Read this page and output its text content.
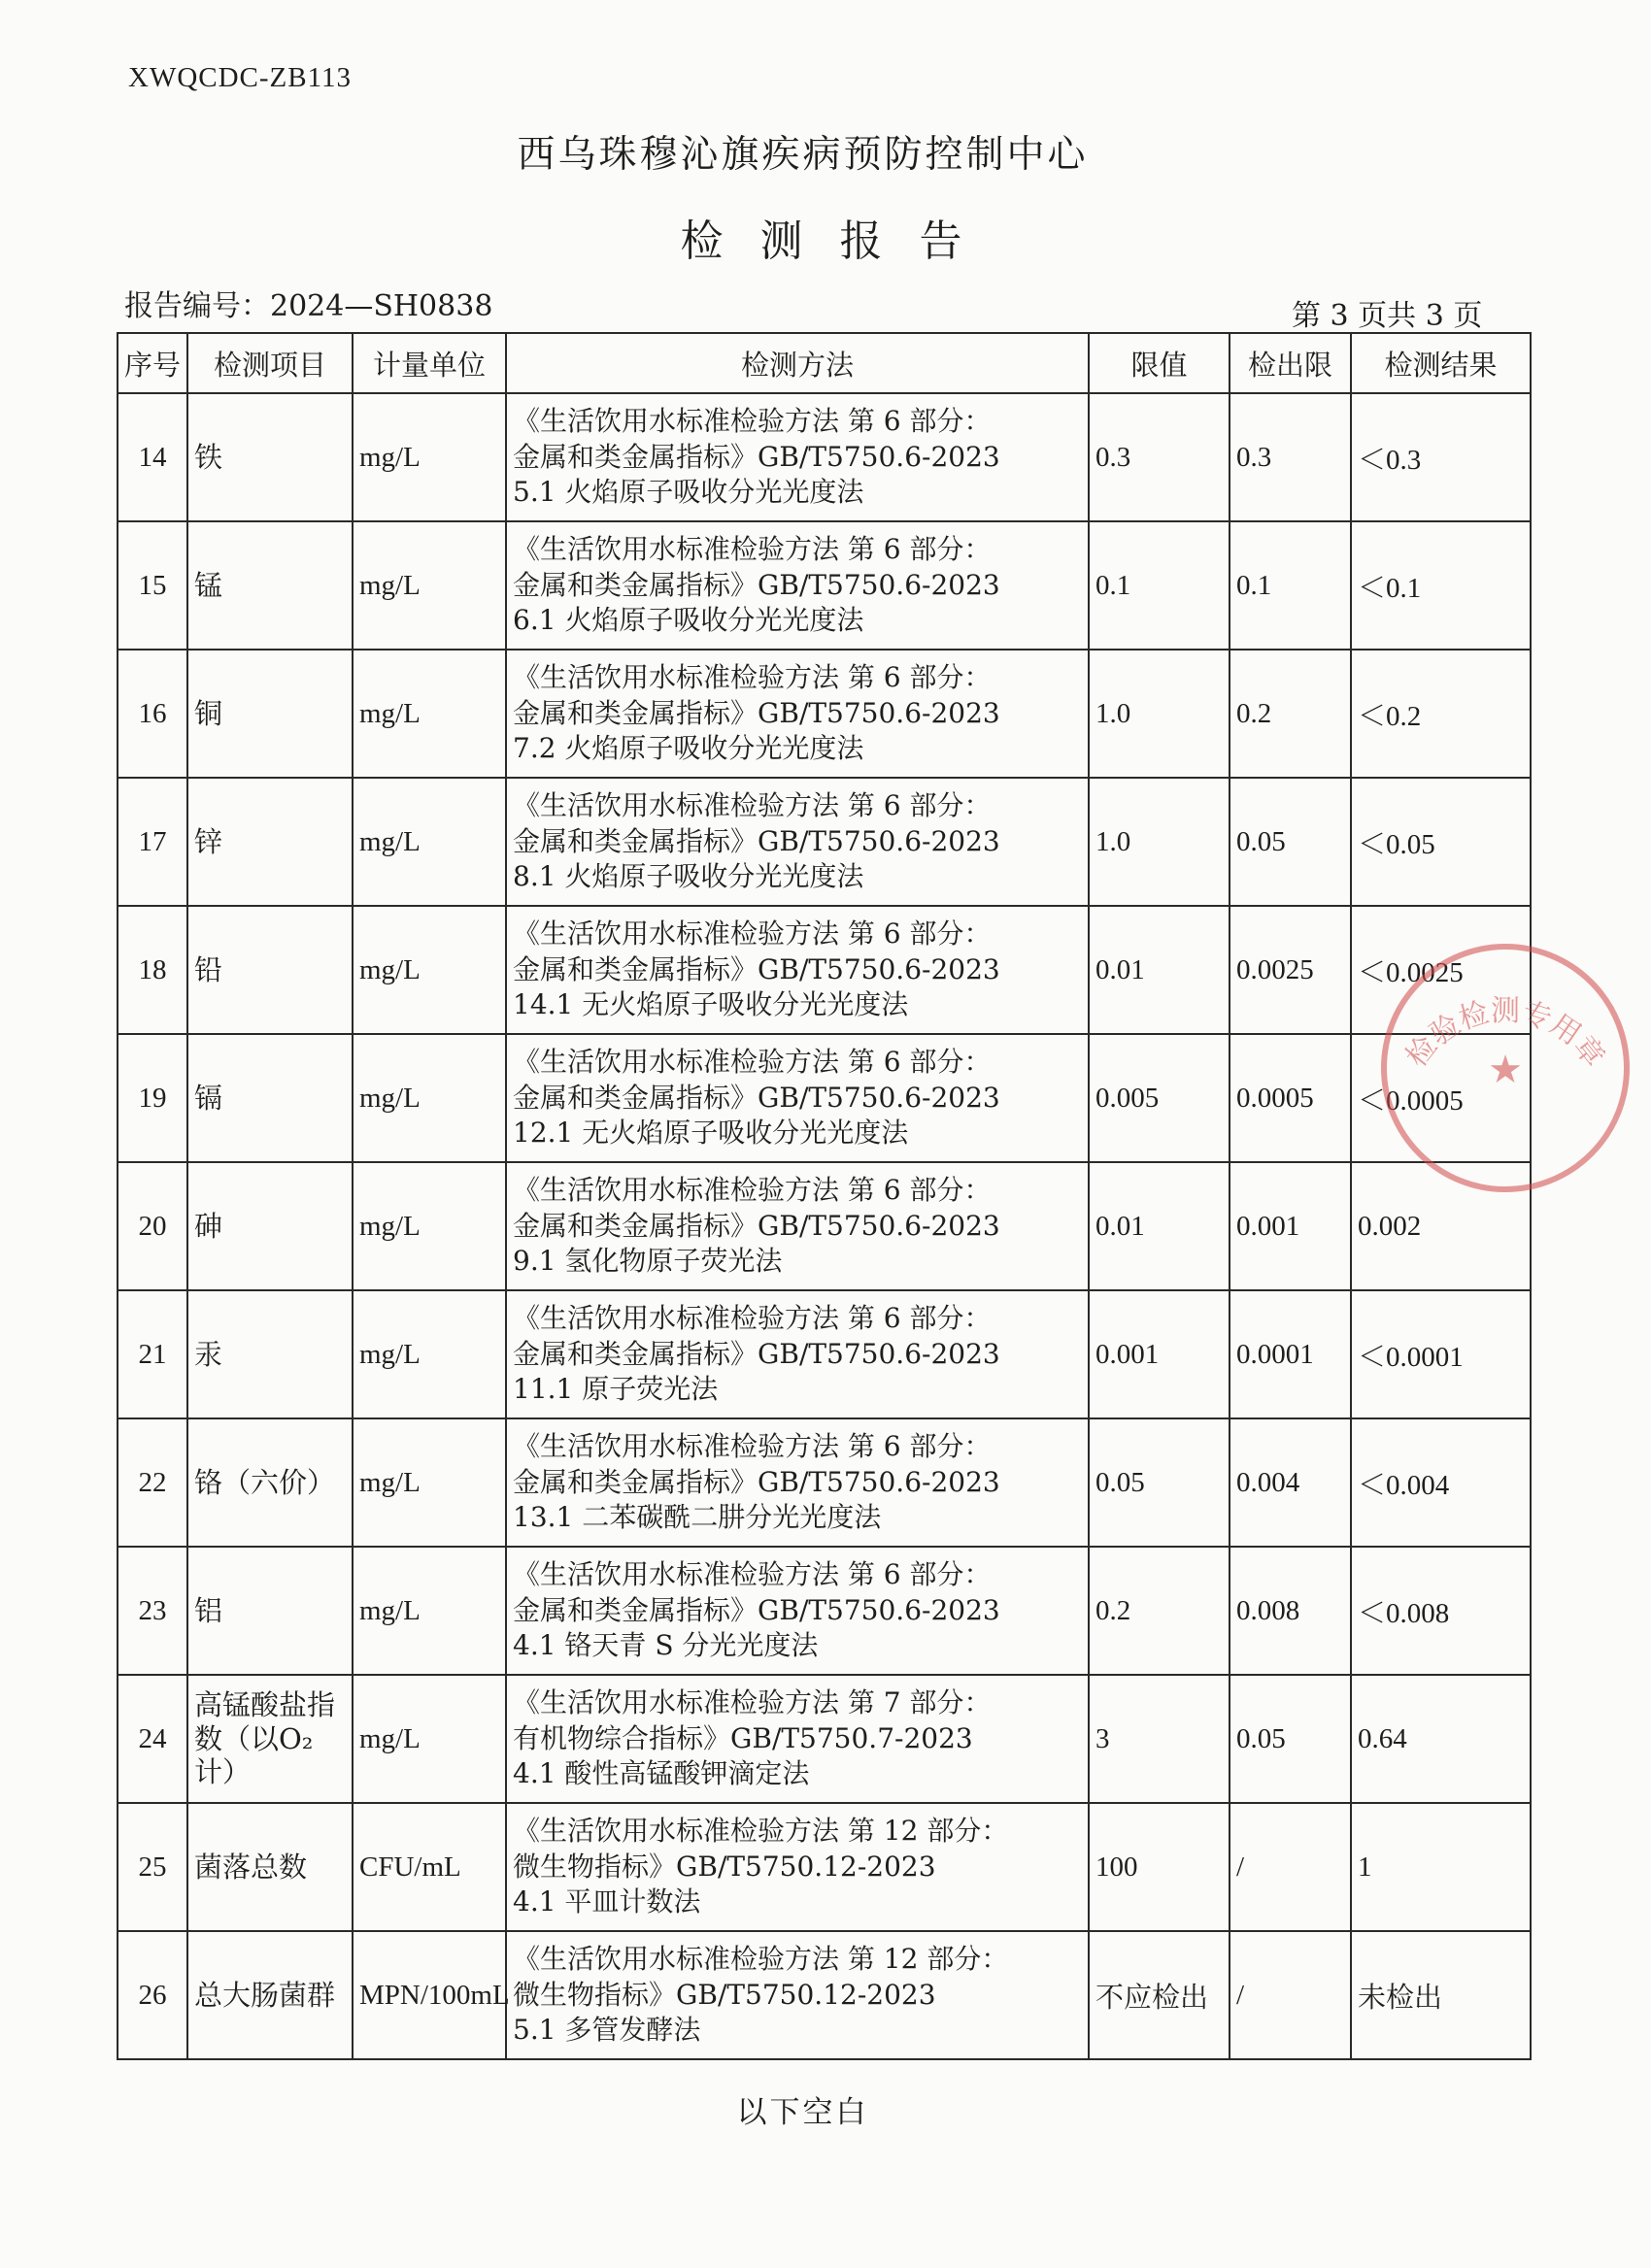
XWQCDC-ZB113
西乌珠穆沁旗疾病预防控制中心
检测报告
报告编号：2024—SH0838	第 3 页共 3 页
序号	检测项目	计量单位	检测方法	限值	检出限	检测结果
14	铁	mg/L	《生活饮用水标准检验方法 第 6 部分：
金属和类金属指标》GB/T5750.6-2023
5.1 火焰原子吸收分光光度法	0.3	0.3	＜0.3
15	锰	mg/L	《生活饮用水标准检验方法 第 6 部分：
金属和类金属指标》GB/T5750.6-2023
6.1 火焰原子吸收分光光度法	0.1	0.1	＜0.1
16	铜	mg/L	《生活饮用水标准检验方法 第 6 部分：
金属和类金属指标》GB/T5750.6-2023
7.2 火焰原子吸收分光光度法	1.0	0.2	＜0.2
17	锌	mg/L	《生活饮用水标准检验方法 第 6 部分：
金属和类金属指标》GB/T5750.6-2023
8.1 火焰原子吸收分光光度法	1.0	0.05	＜0.05
18	铅	mg/L	《生活饮用水标准检验方法 第 6 部分：
金属和类金属指标》GB/T5750.6-2023
14.1 无火焰原子吸收分光光度法	0.01	0.0025	＜0.0025
19	镉	mg/L	《生活饮用水标准检验方法 第 6 部分：
金属和类金属指标》GB/T5750.6-2023
12.1 无火焰原子吸收分光光度法	0.005	0.0005	＜0.0005
20	砷	mg/L	《生活饮用水标准检验方法 第 6 部分：
金属和类金属指标》GB/T5750.6-2023
9.1 氢化物原子荧光法	0.01	0.001	0.002
21	汞	mg/L	《生活饮用水标准检验方法 第 6 部分：
金属和类金属指标》GB/T5750.6-2023
11.1 原子荧光法	0.001	0.0001	＜0.0001
22	铬（六价）	mg/L	《生活饮用水标准检验方法 第 6 部分：
金属和类金属指标》GB/T5750.6-2023
13.1 二苯碳酰二肼分光光度法	0.05	0.004	＜0.004
23	铝	mg/L	《生活饮用水标准检验方法 第 6 部分：
金属和类金属指标》GB/T5750.6-2023
4.1 铬天青 S 分光光度法	0.2	0.008	＜0.008
24	高锰酸盐指数（以O₂计）	mg/L	《生活饮用水标准检验方法 第 7 部分：
有机物综合指标》GB/T5750.7-2023
4.1 酸性高锰酸钾滴定法	3	0.05	0.64
25	菌落总数	CFU/mL	《生活饮用水标准检验方法 第 12 部分：
微生物指标》GB/T5750.12-2023
4.1 平皿计数法	100	/	1
26	总大肠菌群	MPN/100mL	《生活饮用水标准检验方法 第 12 部分：
微生物指标》GB/T5750.12-2023
5.1 多管发酵法	不应检出	/	未检出
以下空白
检验检测专用章
★
